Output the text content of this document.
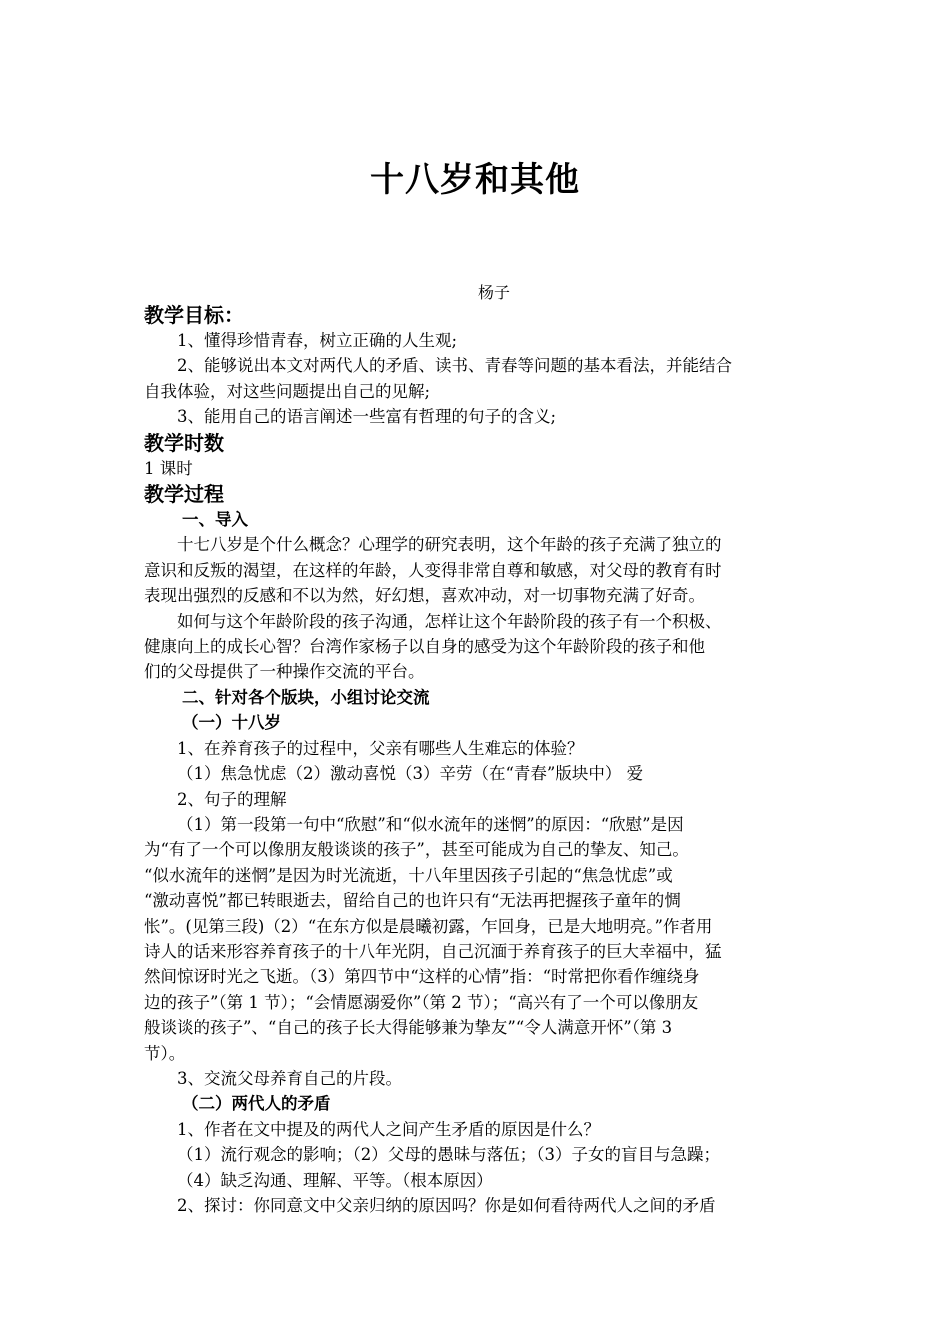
十八岁和其他
杨子

教学目标：

1、懂得珍惜青春，树立正确的人生观;

2、能够说出本文对两代人的矛盾、读书、青春等问题的基本看法，并能结合

自我体验，对这些问题提出自己的见解;

3、能用自己的语言阐述一些富有哲理的句子的含义;

教学时数

1 课时

教学过程

一、导入

十七八岁是个什么概念？心理学的研究表明，这个年龄的孩子充满了独立的

意识和反叛的渴望，在这样的年龄，人变得非常自尊和敏感，对父母的教育有时

表现出强烈的反感和不以为然，好幻想，喜欢冲动，对一切事物充满了好奇。

如何与这个年龄阶段的孩子沟通，怎样让这个年龄阶段的孩子有一个积极、

健康向上的成长心智？台湾作家杨子以自身的感受为这个年龄阶段的孩子和他

们的父母提供了一种操作交流的平台。

二、针对各个版块，小组讨论交流

（一）十八岁

1、在养育孩子的过程中，父亲有哪些人生难忘的体验？

（1）焦急忧虑（2）激动喜悦（3）辛劳（在“青春”版块中） 爱

2、句子的理解

（1）第一段第一句中“欣慰”和“似水流年的迷惘”的原因：“欣慰”是因

为“有了一个可以像朋友般谈谈的孩子”，甚至可能成为自己的挚友、知己。

“似水流年的迷惘”是因为时光流逝，十八年里因孩子引起的“焦急忧虑”或

“激动喜悦”都已转眼逝去，留给自己的也许只有“无法再把握孩子童年的惆

怅”。(见第三段)（2）“在东方似是晨曦初露，乍回身，已是大地明亮。”作者用

诗人的话来形容养育孩子的十八年光阴，自己沉湎于养育孩子的巨大幸福中，猛

然间惊讶时光之飞逝。（3）第四节中“这样的心情”指：“时常把你看作缠绕身

边的孩子”（第 1 节）；“会情愿溺爱你”（第 2 节）；“高兴有了一个可以像朋友

般谈谈的孩子”、“自己的孩子长大得能够兼为挚友”“令人满意开怀”（第 3

节）。

3、交流父母养育自己的片段。

（二）两代人的矛盾

1、作者在文中提及的两代人之间产生矛盾的原因是什么？

（1）流行观念的影响；（2）父母的愚昧与落伍；（3）子女的盲目与急躁；

（4）缺乏沟通、理解、平等。（根本原因）

2、探讨：你同意文中父亲归纳的原因吗？你是如何看待两代人之间的矛盾
